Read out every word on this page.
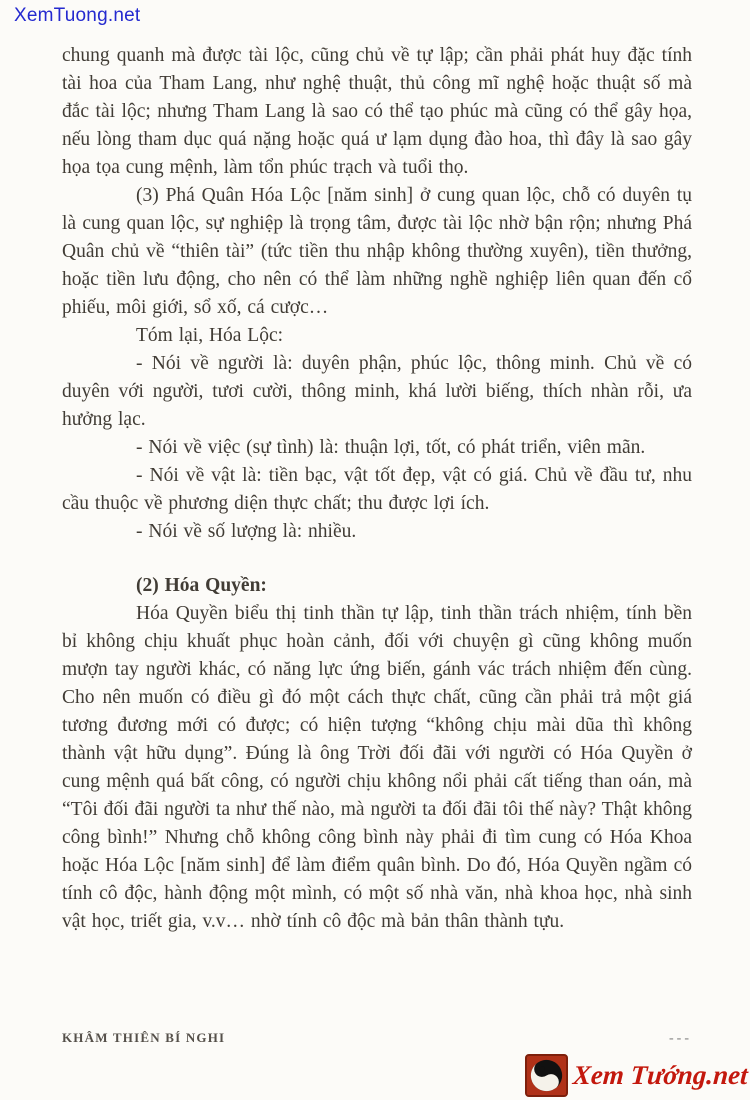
XemTuong.net

chung quanh mà được tài lộc, cũng chủ về tự lập; cần phải phát huy đặc tính tài hoa của Tham Lang, như nghệ thuật, thủ công mĩ nghệ hoặc thuật số mà đắc tài lộc; nhưng Tham Lang là sao có thể tạo phúc mà cũng có thể gây họa, nếu lòng tham dục quá nặng hoặc quá ư lạm dụng đào hoa, thì đây là sao gây họa tọa cung mệnh, làm tổn phúc trạch và tuổi thọ.

(3) Phá Quân Hóa Lộc [năm sinh] ở cung quan lộc, chỗ có duyên tụ là cung quan lộc, sự nghiệp là trọng tâm, được tài lộc nhờ bận rộn; nhưng Phá Quân chủ về “thiên tài” (tức tiền thu nhập không thường xuyên), tiền thưởng, hoặc tiền lưu động, cho nên có thể làm những nghề nghiệp liên quan đến cổ phiếu, môi giới, sổ xố, cá cược…

Tóm lại, Hóa Lộc:

- Nói về người là: duyên phận, phúc lộc, thông minh. Chủ về có duyên với người, tươi cười, thông minh, khá lười biếng, thích nhàn rỗi, ưa hưởng lạc.

- Nói về việc (sự tình) là: thuận lợi, tốt, có phát triển, viên mãn.

- Nói về vật là: tiền bạc, vật tốt đẹp, vật có giá. Chủ về đầu tư, nhu cầu thuộc về phương diện thực chất; thu được lợi ích.

- Nói về số lượng là: nhiều.

(2) Hóa Quyền:

Hóa Quyền biểu thị tinh thần tự lập, tinh thần trách nhiệm, tính bền bỉ không chịu khuất phục hoàn cảnh, đối với chuyện gì cũng không muốn mượn tay người khác, có năng lực ứng biến, gánh vác trách nhiệm đến cùng. Cho nên muốn có điều gì đó một cách thực chất, cũng cần phải trả một giá tương đương mới có được; có hiện tượng “không chịu mài dũa thì không thành vật hữu dụng”. Đúng là ông Trời đối đãi với người có Hóa Quyền ở cung mệnh quá bất công, có người chịu không nổi phải cất tiếng than oán, mà “Tôi đối đãi người ta như thế nào, mà người ta đối đãi tôi thế này? Thật không công bình!” Nhưng chỗ không công bình này phải đi tìm cung có Hóa Khoa hoặc Hóa Lộc [năm sinh] để làm điểm quân bình. Do đó, Hóa Quyền ngầm có tính cô độc, hành động một mình, có một số nhà văn, nhà khoa học, nhà sinh vật học, triết gia, v.v… nhờ tính cô độc mà bản thân thành tựu.

KHÂM THIÊN BÍ NGHI	---
Xem Tướng.net
